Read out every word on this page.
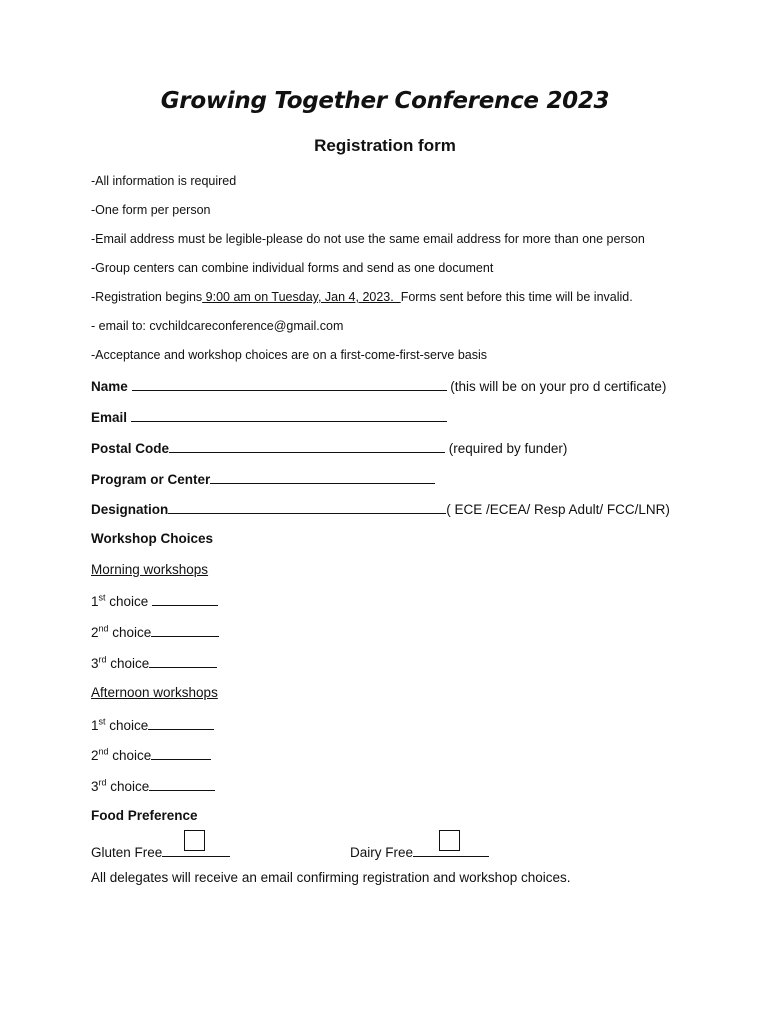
Growing Together Conference 2023
Registration form
-All information is required
-One form per person
-Email address must be legible-please do not use the same email address for more than one person
-Group centers can combine individual forms and send as one document
-Registration begins 9:00 am on Tuesday, Jan 4, 2023.  Forms sent before this time will be invalid.
- email to: cvchildcareconference@gmail.com
-Acceptance and workshop choices are on a first-come-first-serve basis
Name	(this will be on your pro d certificate)
Email
Postal Code	(required by funder)
Program or Center
Designation	( ECE /ECEA/ Resp Adult/ FCC/LNR)
Workshop Choices
Morning workshops
1st choice
2nd choice
3rd choice
Afternoon workshops
1st choice
2nd choice
3rd choice
Food Preference
Gluten Free	Dairy Free
All delegates will receive an email confirming registration and workshop choices.
